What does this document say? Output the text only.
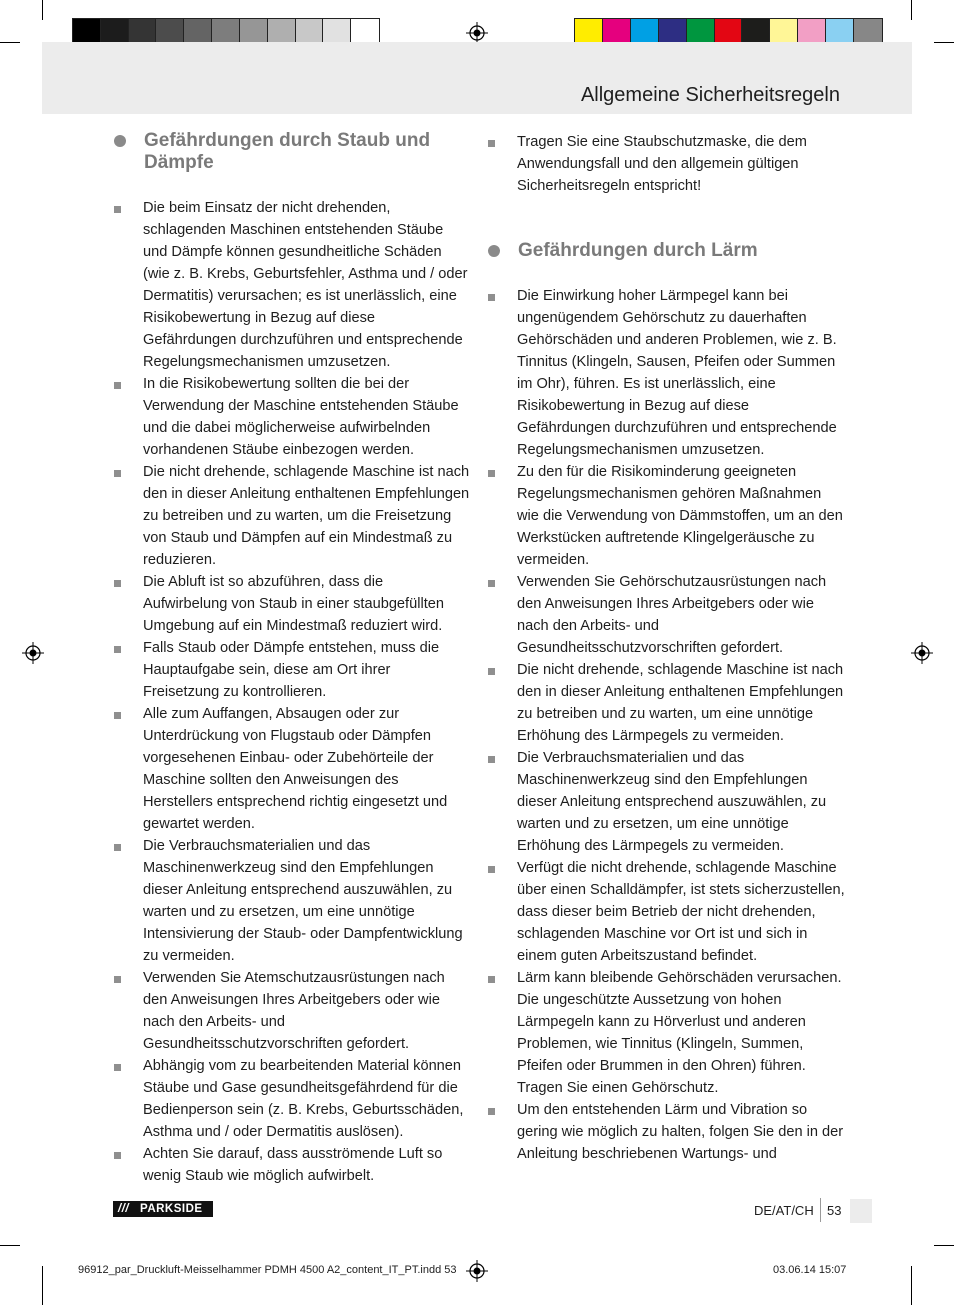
Allgemeine Sicherheitsregeln
Gefährdungen durch Staub und Dämpfe
Die beim Einsatz der nicht drehenden, schlagenden Maschinen entstehenden Stäube und Dämpfe können gesundheitliche Schäden (wie z. B. Krebs, Geburtsfehler, Asthma und / oder Dermatitis) verursachen; es ist unerlässlich, eine Risikobewertung in Bezug auf diese Gefährdungen durchzuführen und entsprechende Regelungsmechanismen umzusetzen.
In die Risikobewertung sollten die bei der Verwendung der Maschine entstehenden Stäube und die dabei möglicherweise aufwirbelnden vorhandenen Stäube einbezogen werden.
Die nicht drehende, schlagende Maschine ist nach den in dieser Anleitung enthaltenen Empfehlungen zu betreiben und zu warten, um die Freisetzung von Staub und Dämpfen auf ein Mindestmaß zu reduzieren.
Die Abluft ist so abzuführen, dass die Aufwirbelung von Staub in einer staubgefüllten Umgebung auf ein Mindestmaß reduziert wird.
Falls Staub oder Dämpfe entstehen, muss die Hauptaufgabe sein, diese am Ort ihrer Freisetzung zu kontrollieren.
Alle zum Auffangen, Absaugen oder zur Unterdrückung von Flugstaub oder Dämpfen vorgesehenen Einbau- oder Zubehörteile der Maschine sollten den Anweisungen des Herstellers entsprechend richtig eingesetzt und gewartet werden.
Die Verbrauchsmaterialien und das Maschinenwerkzeug sind den Empfehlungen dieser Anleitung entsprechend auszuwählen, zu warten und zu ersetzen, um eine unnötige Intensivierung der Staub- oder Dampfentwicklung zu vermeiden.
Verwenden Sie Atemschutzausrüstungen nach den Anweisungen Ihres Arbeitgebers oder wie nach den Arbeits- und Gesundheitsschutzvorschriften gefordert.
Abhängig vom zu bearbeitenden Material können Stäube und Gase gesundheitsgefährdend für die Bedienperson sein (z. B. Krebs, Geburtsschäden, Asthma und / oder Dermatitis auslösen).
Achten Sie darauf, dass ausströmende Luft so wenig Staub wie möglich aufwirbelt.
Tragen Sie eine Staubschutzmaske, die dem Anwendungsfall und den allgemein gültigen Sicherheitsregeln entspricht!
Gefährdungen durch Lärm
Die Einwirkung hoher Lärmpegel kann bei ungenügendem Gehörschutz zu dauerhaften Gehörschäden und anderen Problemen, wie z. B. Tinnitus (Klingeln, Sausen, Pfeifen oder Summen im Ohr), führen. Es ist unerlässlich, eine Risikobewertung in Bezug auf diese Gefährdungen durchzuführen und entsprechende Regelungsmechanismen umzusetzen.
Zu den für die Risikominderung geeigneten Regelungsmechanismen gehören Maßnahmen wie die Verwendung von Dämmstoffen, um an den Werkstücken auftretende Klingelgeräusche zu vermeiden.
Verwenden Sie Gehörschutzausrüstungen nach den Anweisungen Ihres Arbeitgebers oder wie nach den Arbeits- und Gesundheitsschutzvorschriften gefordert.
Die nicht drehende, schlagende Maschine ist nach den in dieser Anleitung enthaltenen Empfehlungen zu betreiben und zu warten, um eine unnötige Erhöhung des Lärmpegels zu vermeiden.
Die Verbrauchsmaterialien und das Maschinenwerkzeug sind den Empfehlungen dieser Anleitung entsprechend auszuwählen, zu warten und zu ersetzen, um eine unnötige Erhöhung des Lärmpegels zu vermeiden.
Verfügt die nicht drehende, schlagende Maschine über einen Schalldämpfer, ist stets sicherzustellen, dass dieser beim Betrieb der nicht drehenden, schlagenden Maschine vor Ort ist und sich in einem guten Arbeitszustand befindet.
Lärm kann bleibende Gehörschäden verursachen. Die ungeschützte Aussetzung von hohen Lärmpegeln kann zu Hörverlust und anderen Problemen, wie Tinnitus (Klingeln, Summen, Pfeifen oder Brummen in den Ohren) führen. Tragen Sie einen Gehörschutz.
Um den entstehenden Lärm und Vibration so gering wie möglich zu halten, folgen Sie den in der Anleitung beschriebenen Wartungs- und
/// PARKSIDE	DE/AT/CH 53
96912_par_Druckluft-Meisselhammer PDMH 4500 A2_content_IT_PT.indd 53	03.06.14 15:07
